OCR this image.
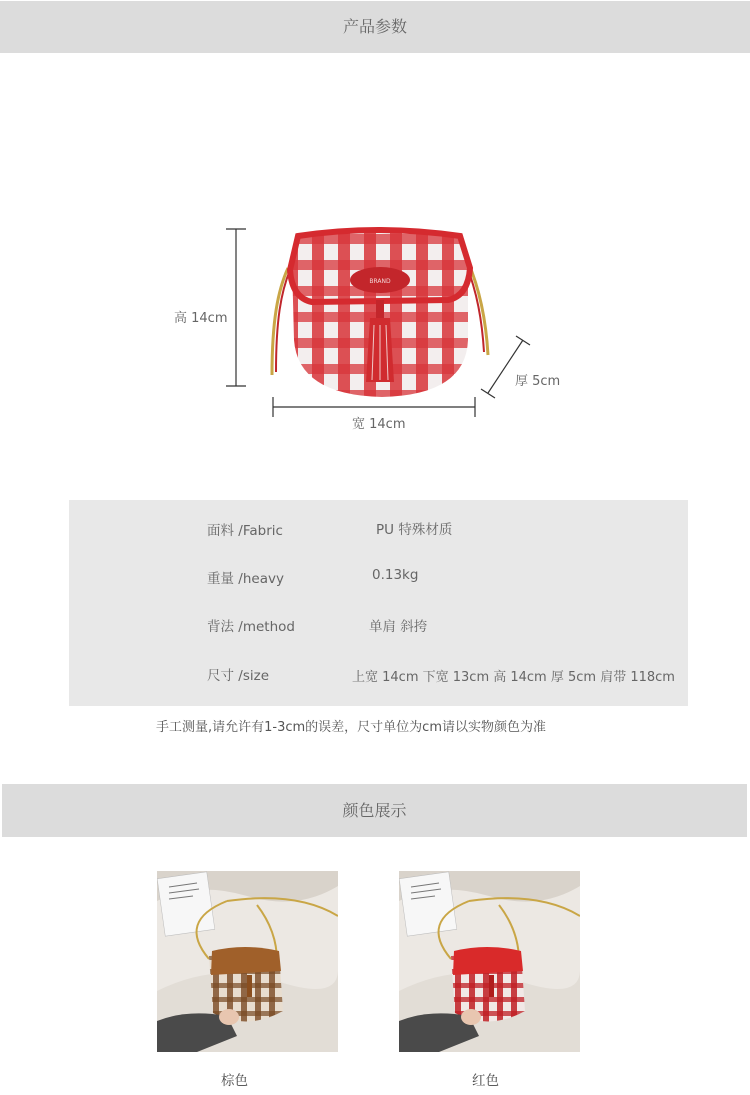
产品参数
BRAND
高 14cm
宽 14cm
厚 5cm
面料 /Fabric	PU 特殊材质
重量 /heavy	0.13kg
背法 /method	单肩 斜挎
尺寸 /size	上宽 14cm 下宽 13cm 高 14cm 厚 5cm 肩带 118cm
手工测量,请允许有1-3cm的误差，尺寸单位为cm请以实物颜色为准
颜色展示
棕色	红色
